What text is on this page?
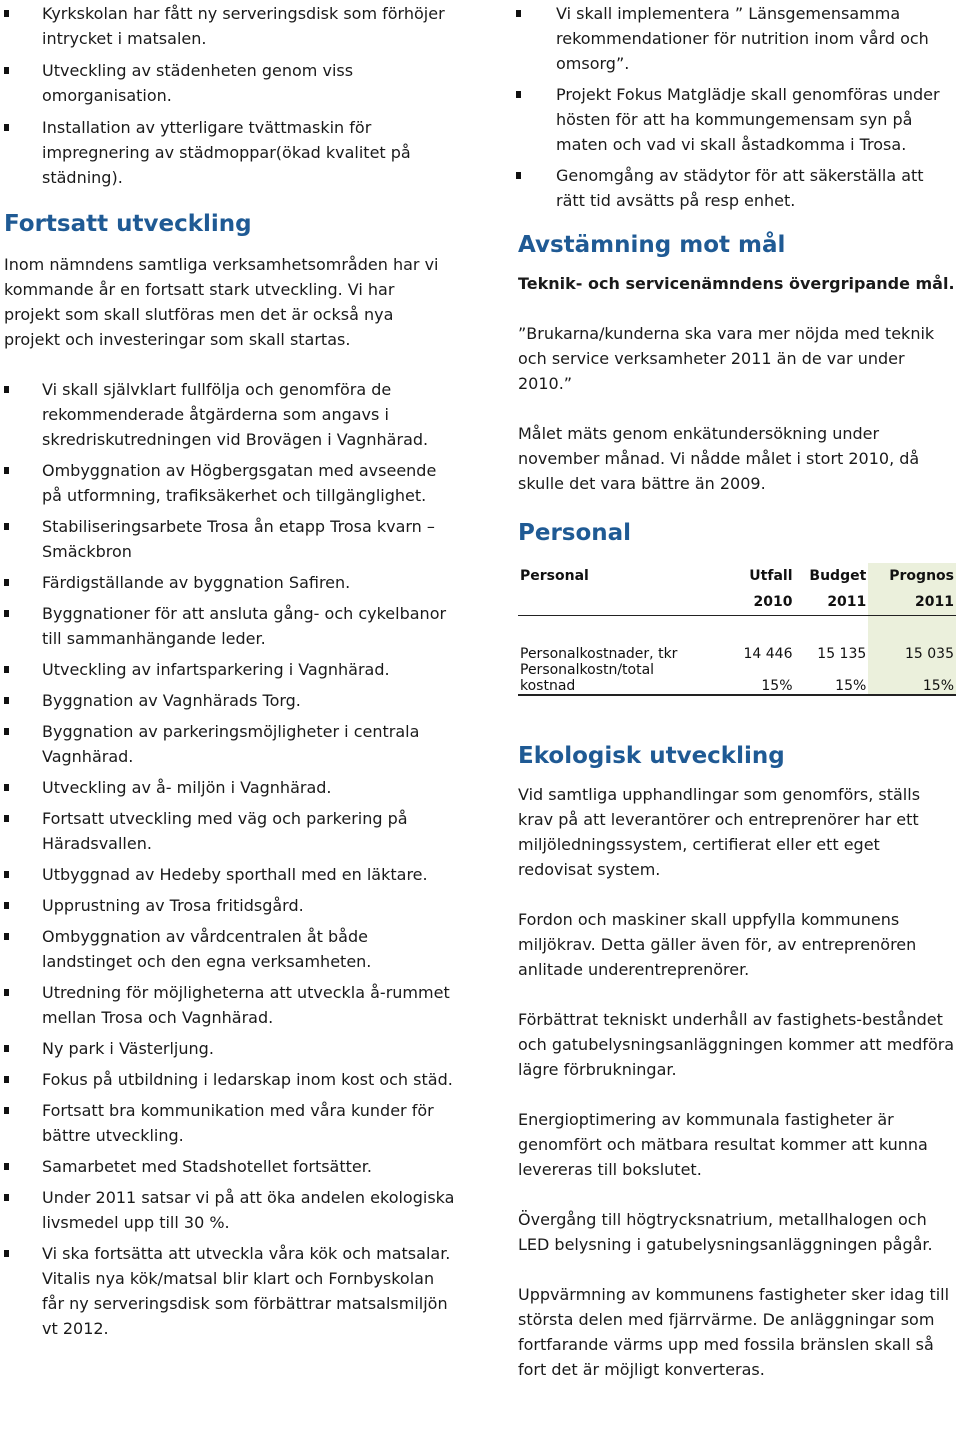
Kyrkskolan har fått ny serveringsdisk som förhöjer intrycket i matsalen.
Utveckling av städenheten genom viss omorganisation.
Installation av ytterligare tvättmaskin för impregnering av städmoppar(ökad kvalitet på städning).
Fortsatt utveckling

Inom nämndens samtliga verksamhetsområden har vi kommande år en fortsatt stark utveckling. Vi har projekt som skall slutföras men det är också nya projekt och investeringar som skall startas.

Vi skall självklart fullfölja och genomföra de rekommenderade åtgärderna som angavs i skredriskutredningen vid Brovägen i Vagnhärad.
Ombyggnation av Högbergsgatan med avseende på utformning, trafiksäkerhet och tillgänglighet.
Stabiliseringsarbete Trosa ån etapp Trosa kvarn – Smäckbron
Färdigställande av byggnation Safiren.
Byggnationer för att ansluta gång- och cykelbanor till sammanhängande leder.
Utveckling av infartsparkering i Vagnhärad.
Byggnation av Vagnhärads Torg.
Byggnation av parkeringsmöjligheter i centrala Vagnhärad.
Utveckling av å- miljön i Vagnhärad.
Fortsatt utveckling med väg och parkering på Häradsvallen.
Utbyggnad av Hedeby sporthall med en läktare.
Upprustning av Trosa fritidsgård.
Ombyggnation av vårdcentralen åt både landstinget och den egna verksamheten.
Utredning för möjligheterna att utveckla å-rummet mellan Trosa och Vagnhärad.
Ny park i Västerljung.
Fokus på utbildning i ledarskap inom kost och städ.
Fortsatt bra kommunikation med våra kunder för bättre utveckling.
Samarbetet med Stadshotellet fortsätter.
Under 2011 satsar vi på att öka andelen ekologiska livsmedel upp till 30 %.
Vi ska fortsätta att utveckla våra kök och matsalar. Vitalis nya kök/matsal blir klart och Fornbyskolan får ny serveringsdisk som förbättrar matsalsmiljön vt 2012.
Vi skall implementera ” Länsgemensamma rekommendationer för nutrition inom vård och omsorg”.
Projekt Fokus Matglädje skall genomföras under hösten för att ha kommungemensam syn på maten och vad vi skall åstadkomma i Trosa.
Genomgång av städytor för att säkerställa att rätt tid avsätts på resp enhet.
Avstämning mot mål
Teknik- och servicenämndens övergripande mål.

”Brukarna/kunderna ska vara mer nöjda med teknik och service verksamheter 2011 än de var under 2010.”

Målet mäts genom enkätundersökning under november månad. Vi nådde målet i stort 2010, då skulle det vara bättre än 2009.

Personal
Personal	Utfall	Budget	Prognos
	2010	2011	2011

Personalkostnader, tkr	14 446	15 135	15 035
Personalkostn/total			
kostnad	15%	15%	15%
Ekologisk utveckling

Vid samtliga upphandlingar som genomförs, ställs krav på att leverantörer och entreprenörer har ett miljöledningssystem, certifierat eller ett eget redovisat system.

Fordon och maskiner skall uppfylla kommunens miljökrav. Detta gäller även för, av entreprenören anlitade underentreprenörer.

Förbättrat tekniskt underhåll av fastighets-beståndet och gatubelysningsanläggningen kommer att medföra lägre förbrukningar.

Energioptimering av kommunala fastigheter är genomfört och mätbara resultat kommer att kunna levereras till bokslutet.

Övergång till högtrycksnatrium, metallhalogen och LED belysning i gatubelysningsanläggningen pågår.

Uppvärmning av kommunens fastigheter sker idag till största delen med fjärrvärme. De anläggningar som fortfarande värms upp med fossila bränslen skall så fort det är möjligt konverteras.
